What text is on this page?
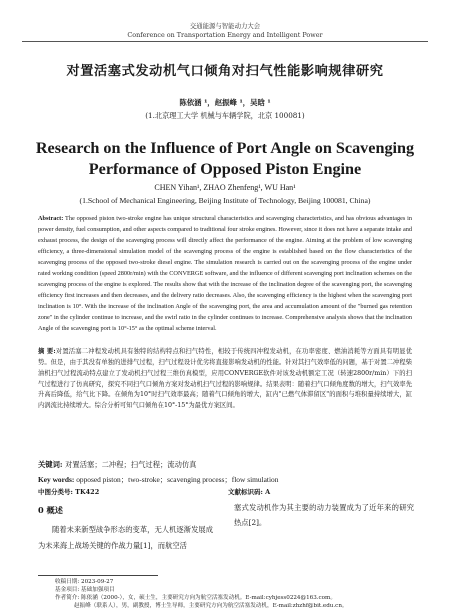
交通能源与智能动力大会
Conference on Transportation Energy and Intelligent Power
对置活塞式发动机气口倾角对扫气性能影响规律研究
陈依涵 ¹，赵振峰 ¹，吴晗 ¹
(1.北京理工大学 机械与车辆学院，北京 100081)
Research on the Influence of Port Angle on Scavenging
Performance of Opposed Piston Engine
CHEN Yihan¹, ZHAO Zhenfeng¹, WU Han¹
(1.School of Mechanical Engineering, Beijing Institute of Technology, Beijing 100081, China)
Abstract: The opposed piston two-stroke engine has unique structural characteristics and scavenging characteristics, and has obvious advantages in power density, fuel consumption, and other aspects compared to traditional four stroke engines. However, since it does not have a separate intake and exhaust process, the design of the scavenging process will directly affect the performance of the engine. Aiming at the problem of low scavenging efficiency, a three-dimensional simulation model of the scavenging process of the engine is established based on the flow characteristics of the scavenging process of the opposed two-stroke diesel engine. The simulation research is carried out on the scavenging process of the engine under rated working condition (speed 2800r/min) with the CONVERGE software, and the influence of different scavenging port inclination schemes on the scavenging process of the engine is explored. The results show that with the increase of the inclination degree of the scavenging port, the scavenging efficiency first increases and then decreases, and the delivery ratio decreases. Also, the scavenging efficiency is the highest when the scavenging port inclination is 10°. With the increase of the inclination Angle of the scavenging port, the area and accumulation amount of the "burned gas retention zone" in the cylinder continue to increase, and the swirl ratio in the cylinder continues to increase. Comprehensive analysis shows that the inclination Angle of the scavenging port is 10°-15° as the optimal scheme interval.
摘 要:对置活塞二冲程发动机具有独特的结构特点和扫气特性，相较于传统四冲程发动机，在功率密度、燃油消耗等方面具有明显优势。但是，由于其没有单独的进排气过程，扫气过程设计优劣将直接影响发动机的性能。针对其扫气效率低的问题，基于对置二冲程柴油机扫气过程流动特点建立了发动机扫气过程三维仿真模型，应用CONVERGE软件对该发动机额定工况（转速2800r/min）下的扫气过程进行了仿真研究，探究不同扫气口倾角方案对发动机扫气过程的影响规律。结果表明：随着扫气口倾角度数的增大，扫气效率先升高后降低，给气比下降。在倾角为10°时扫气效率最高；随着气口倾角的增大，缸内"已燃气体滞留区"的面积与堆积量持续增大，缸内涡流比持续增大。综合分析可知气口倾角在10°-15°为最优方案区间。
关键词: 对置活塞；二冲程；扫气过程；流动仿真
Key words: opposed piston；two-stroke；scavenging process；flow simulation
中图分类号: TK422	文献标识码: A
0 概述
随着未来新型战争形态的变革，无人机逐渐发展成为未来海上战场关键的作战力量[1]，而航空活
塞式发动机作为其主要的动力装置成为了近年来的研究热点[2]。
收稿日期: 2023-09-27
基金项目: 基础加强项目
作者简介: 陈依涵（2000-），女，硕士生，主要研究方向为航空活塞发动机。E-mail:cyhjess0224@163.com。
赵振峰（联系人），男，副教授，博士生导师，主要研究方向为航空活塞发动机，E-mail:zhzhf@bit.edu.cn。
